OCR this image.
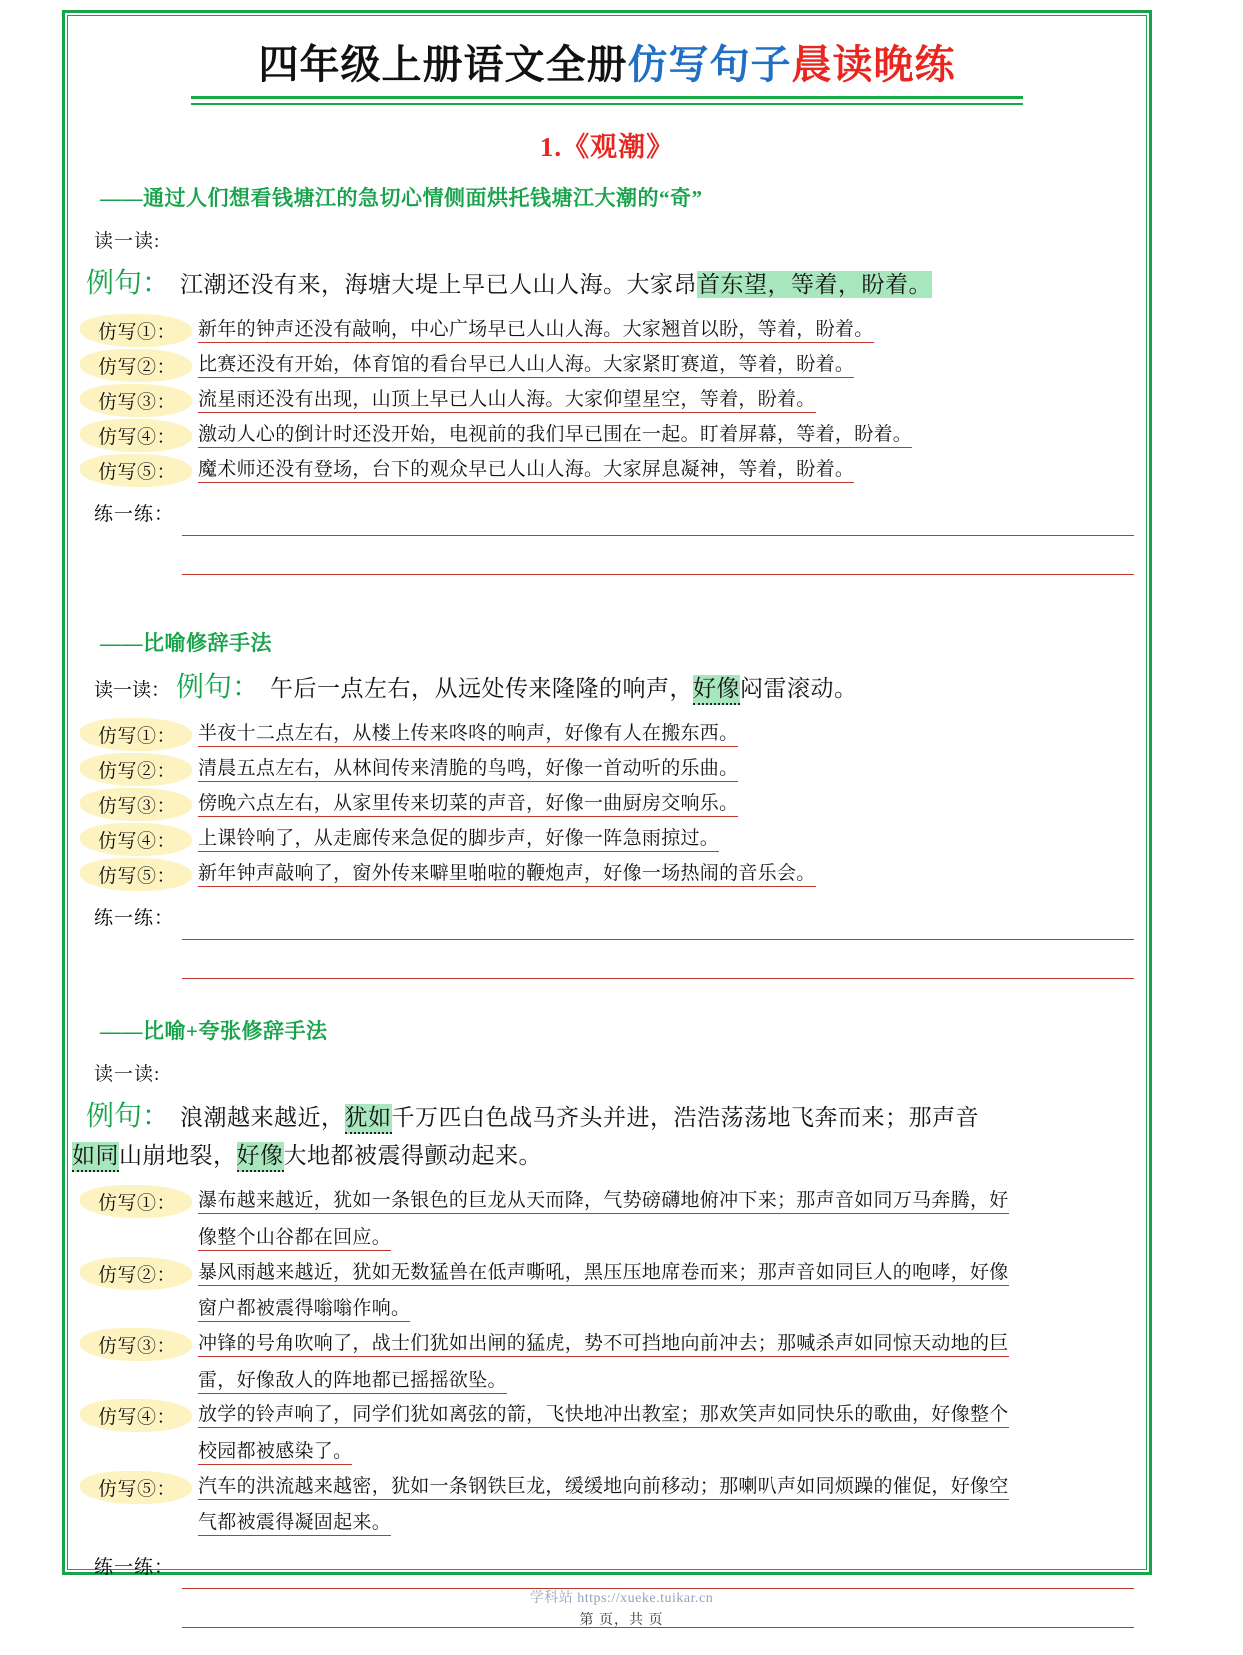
四年级上册语文全册仿写句子晨读晚练
1.《观潮》
——通过人们想看钱塘江的急切心情侧面烘托钱塘江大潮的“奇”
读一读:
例句： 江潮还没有来，海塘大堤上早已人山人海。大家昂首东望，等着，盼着。
仿写①：	新年的钟声还没有敲响，中心广场早已人山人海。大家翘首以盼，等着，盼着。
仿写②：	比赛还没有开始，体育馆的看台早已人山人海。大家紧盯赛道，等着，盼着。
仿写③：	流星雨还没有出现，山顶上早已人山人海。大家仰望星空，等着，盼着。
仿写④：	激动人心的倒计时还没开始，电视前的我们早已围在一起。盯着屏幕，等着，盼着。
仿写⑤：	魔术师还没有登场，台下的观众早已人山人海。大家屏息凝神，等着，盼着。
练一练：
——比喻修辞手法
读一读： 例句： 午后一点左右，从远处传来隆隆的响声，好像闷雷滚动。
仿写①：	半夜十二点左右，从楼上传来咚咚的响声，好像有人在搬东西。
仿写②：	清晨五点左右，从林间传来清脆的鸟鸣，好像一首动听的乐曲。
仿写③：	傍晚六点左右，从家里传来切菜的声音，好像一曲厨房交响乐。
仿写④：	上课铃响了，从走廊传来急促的脚步声，好像一阵急雨掠过。
仿写⑤：	新年钟声敲响了，窗外传来噼里啪啦的鞭炮声，好像一场热闹的音乐会。
练一练：
——比喻+夸张修辞手法
读一读:
例句： 浪潮越来越近，犹如千万匹白色战马齐头并进，浩浩荡荡地飞奔而来；那声音
如同山崩地裂，好像大地都被震得颤动起来。
仿写①：	瀑布越来越近，犹如一条银色的巨龙从天而降，气势磅礴地俯冲下来；那声音如同万马奔腾，好
像整个山谷都在回应。
仿写②：	暴风雨越来越近，犹如无数猛兽在低声嘶吼，黑压压地席卷而来；那声音如同巨人的咆哮，好像
窗户都被震得嗡嗡作响。
仿写③：	冲锋的号角吹响了，战士们犹如出闸的猛虎，势不可挡地向前冲去；那喊杀声如同惊天动地的巨
雷，好像敌人的阵地都已摇摇欲坠。
仿写④：	放学的铃声响了，同学们犹如离弦的箭，飞快地冲出教室；那欢笑声如同快乐的歌曲，好像整个
校园都被感染了。
仿写⑤：	汽车的洪流越来越密，犹如一条钢铁巨龙，缓缓地向前移动；那喇叭声如同烦躁的催促，好像空
气都被震得凝固起来。
练一练：
学科站 https://xueke.tuikar.cn
第 页，共 页
